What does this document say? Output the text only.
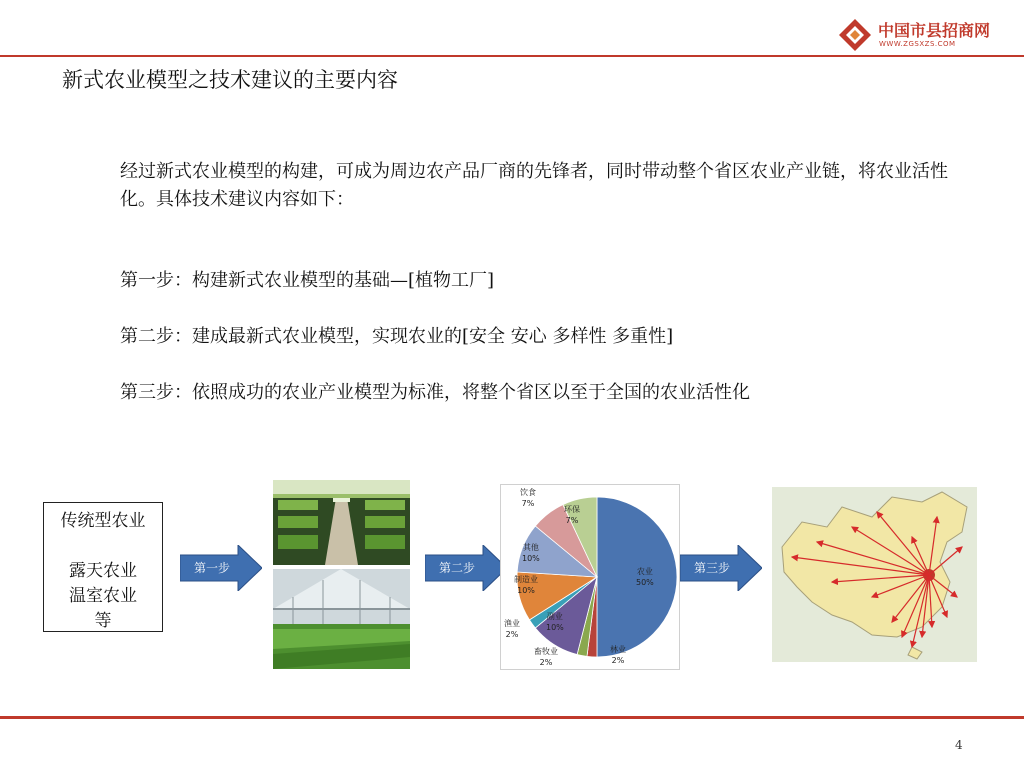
中国市县招商网
WWW.ZGSXZS.COM
新式农业模型之技术建议的主要内容
经过新式农业模型的构建，可成为周边农产品厂商的先锋者，同时带动整个省区农业产业链，将农业活性化。具体技术建议内容如下：
第一步：构建新式农业模型的基础—[植物工厂]
第二步：建成最新式农业模型，实现农业的[安全 安心 多样性 多重性]
第三步：依照成功的农业产业模型为标准，将整个省区以至于全国的农业活性化
传统型农业
露天农业
温室农业
等
第一步	第二步	第三步
农业
50%
林业
2%
畜牧业
2%
副业
10%
渔业
2%
制造业
10%
其他
10%
饮食
7%
环保
7%
4
